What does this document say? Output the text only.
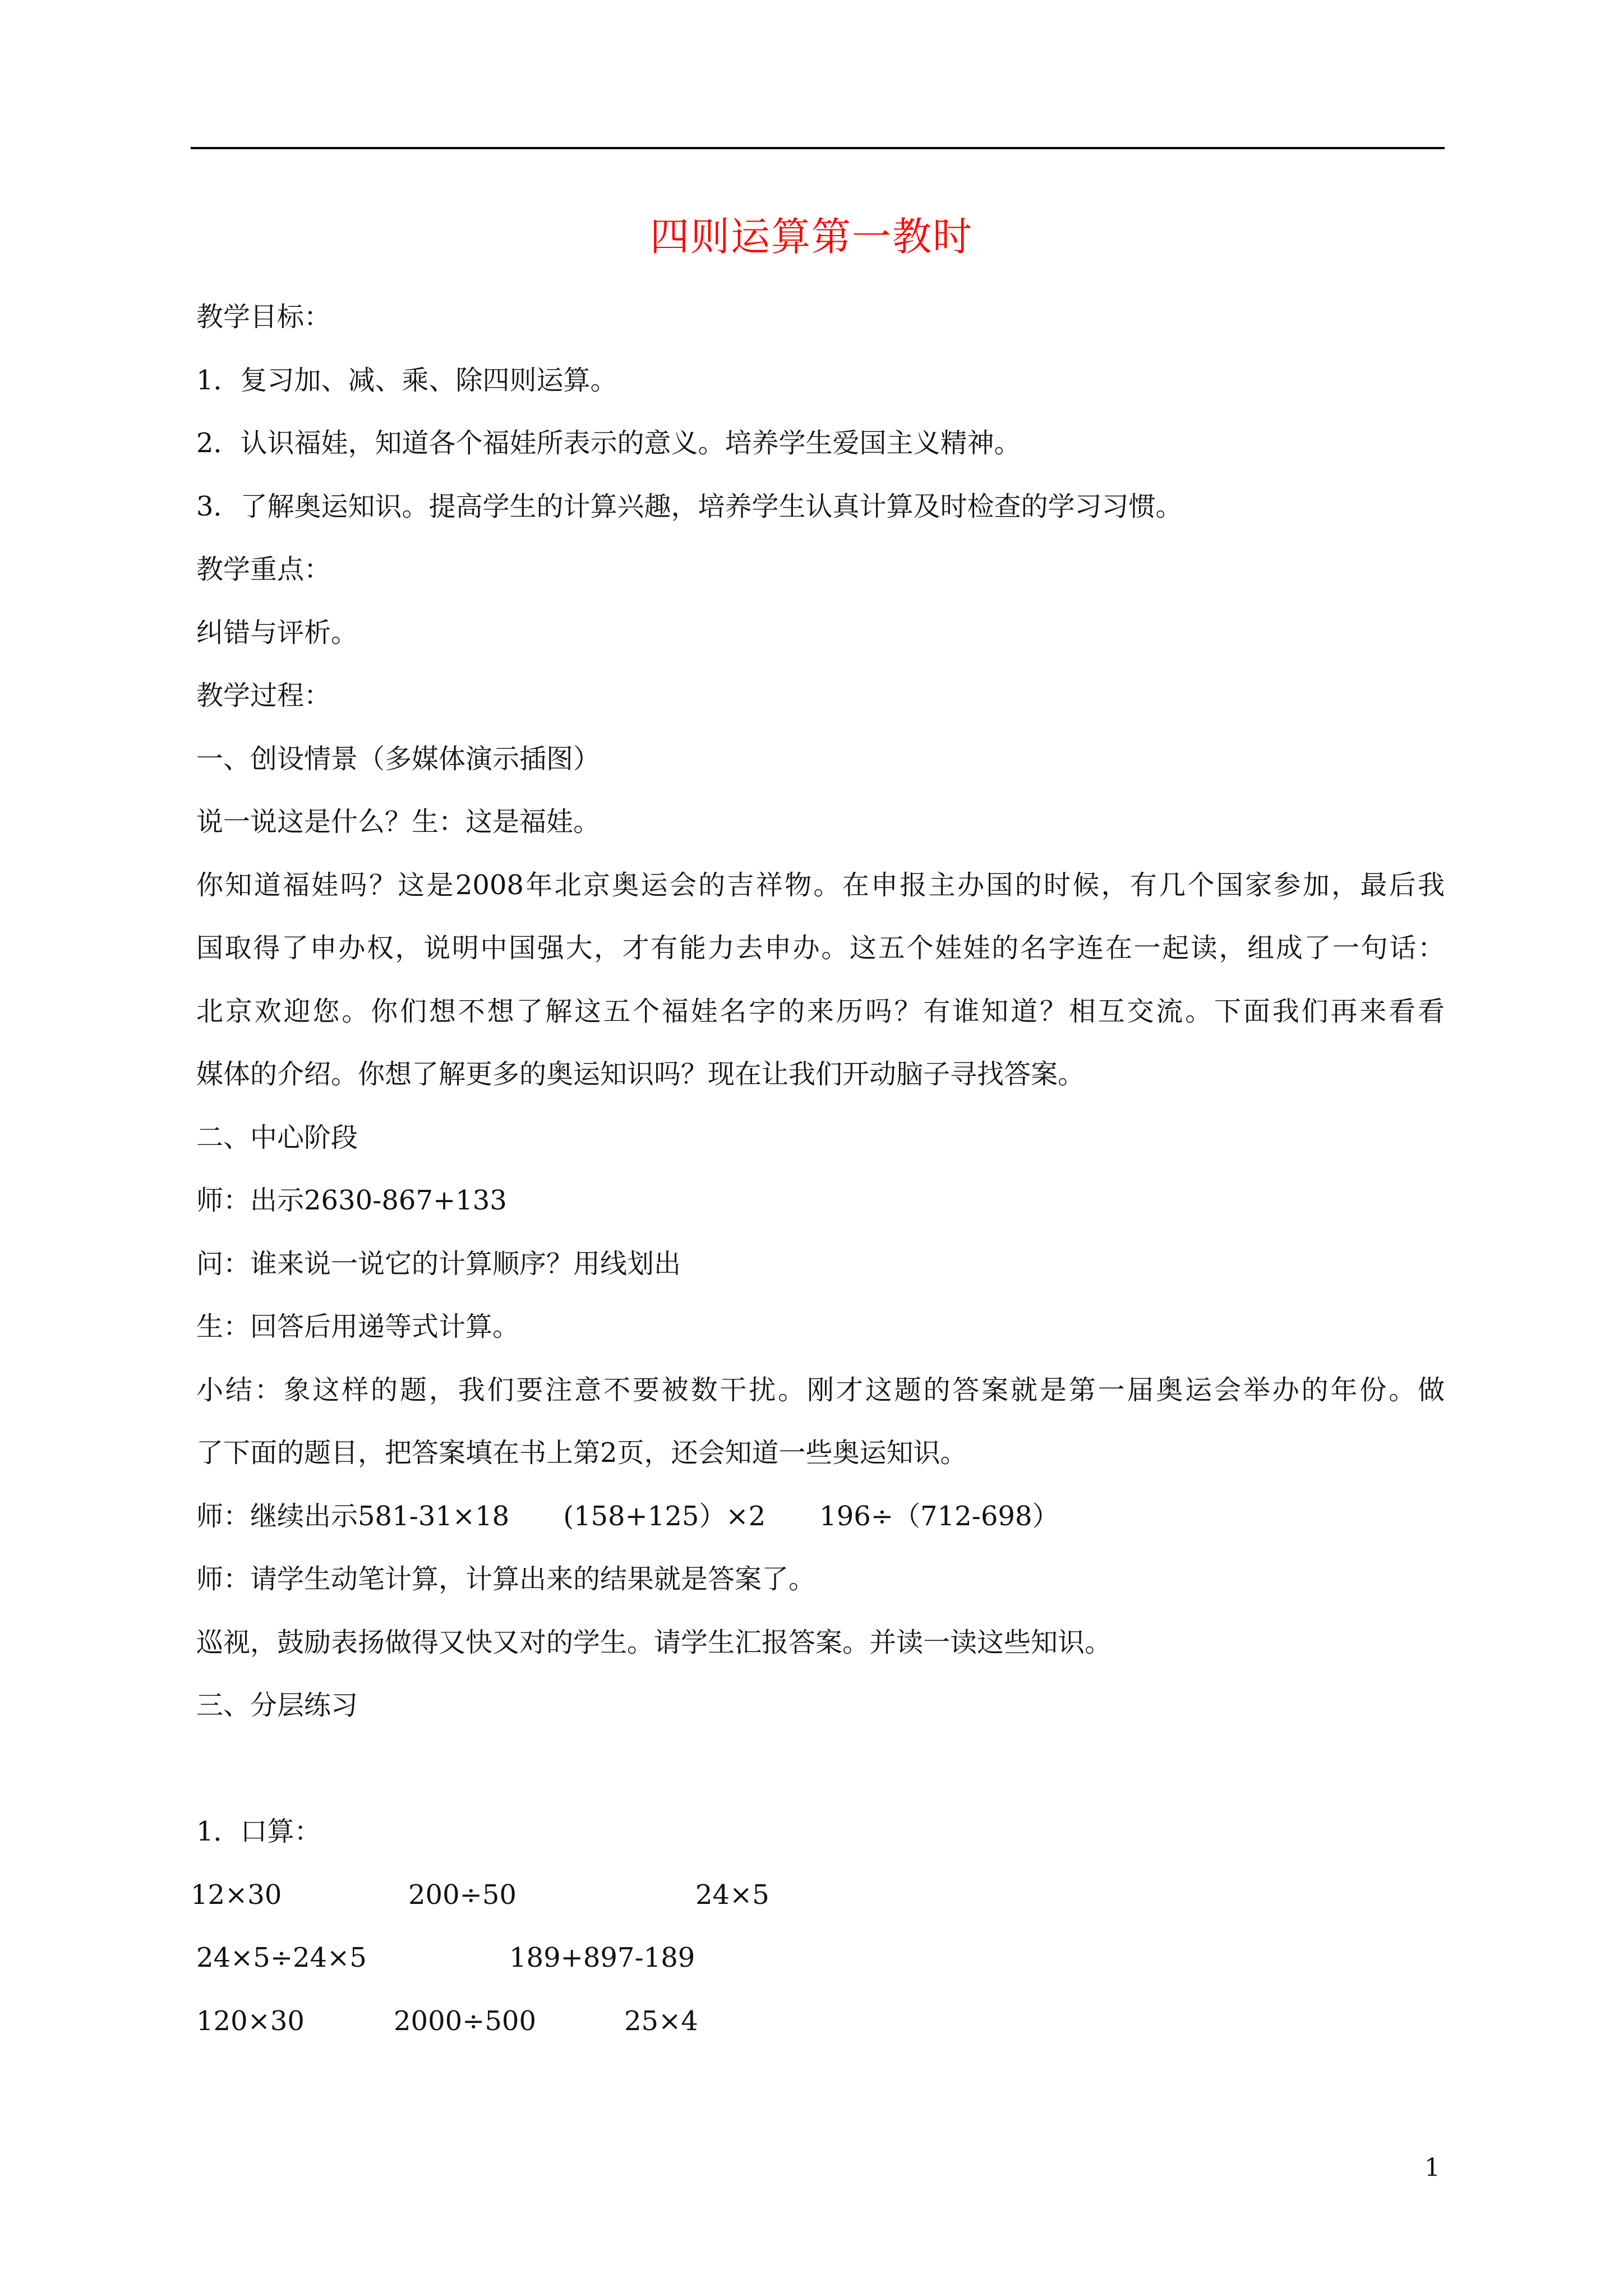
四则运算第一教时
教学目标：
1．复习加、减、乘、除四则运算。
2．认识福娃，知道各个福娃所表示的意义。培养学生爱国主义精神。
3．了解奥运知识。提高学生的计算兴趣，培养学生认真计算及时检查的学习习惯。
教学重点：
纠错与评析。
教学过程：
一、创设情景（多媒体演示插图）
说一说这是什么？生：这是福娃。
你知道福娃吗？这是2008年北京奥运会的吉祥物。在申报主办国的时候，有几个国家参加，最后我
国取得了申办权，说明中国强大，才有能力去申办。这五个娃娃的名字连在一起读，组成了一句话：
北京欢迎您。你们想不想了解这五个福娃名字的来历吗？有谁知道？相互交流。下面我们再来看看
媒体的介绍。你想了解更多的奥运知识吗？现在让我们开动脑子寻找答案。
二、中心阶段
师：出示2630-867+133
问：谁来说一说它的计算顺序？用线划出
生：回答后用递等式计算。
小结：象这样的题，我们要注意不要被数干扰。刚才这题的答案就是第一届奥运会举办的年份。做
了下面的题目，把答案填在书上第2页，还会知道一些奥运知识。
师：继续出示581-31×18　　(158+125）×2　　196÷（712-698）
师：请学生动笔计算，计算出来的结果就是答案了。
巡视，鼓励表扬做得又快又对的学生。请学生汇报答案。并读一读这些知识。
三、分层练习
1．口算：
12×30	200÷50	24×5
24×5÷24×5	189+897-189
120×30	2000÷500	25×4
1
